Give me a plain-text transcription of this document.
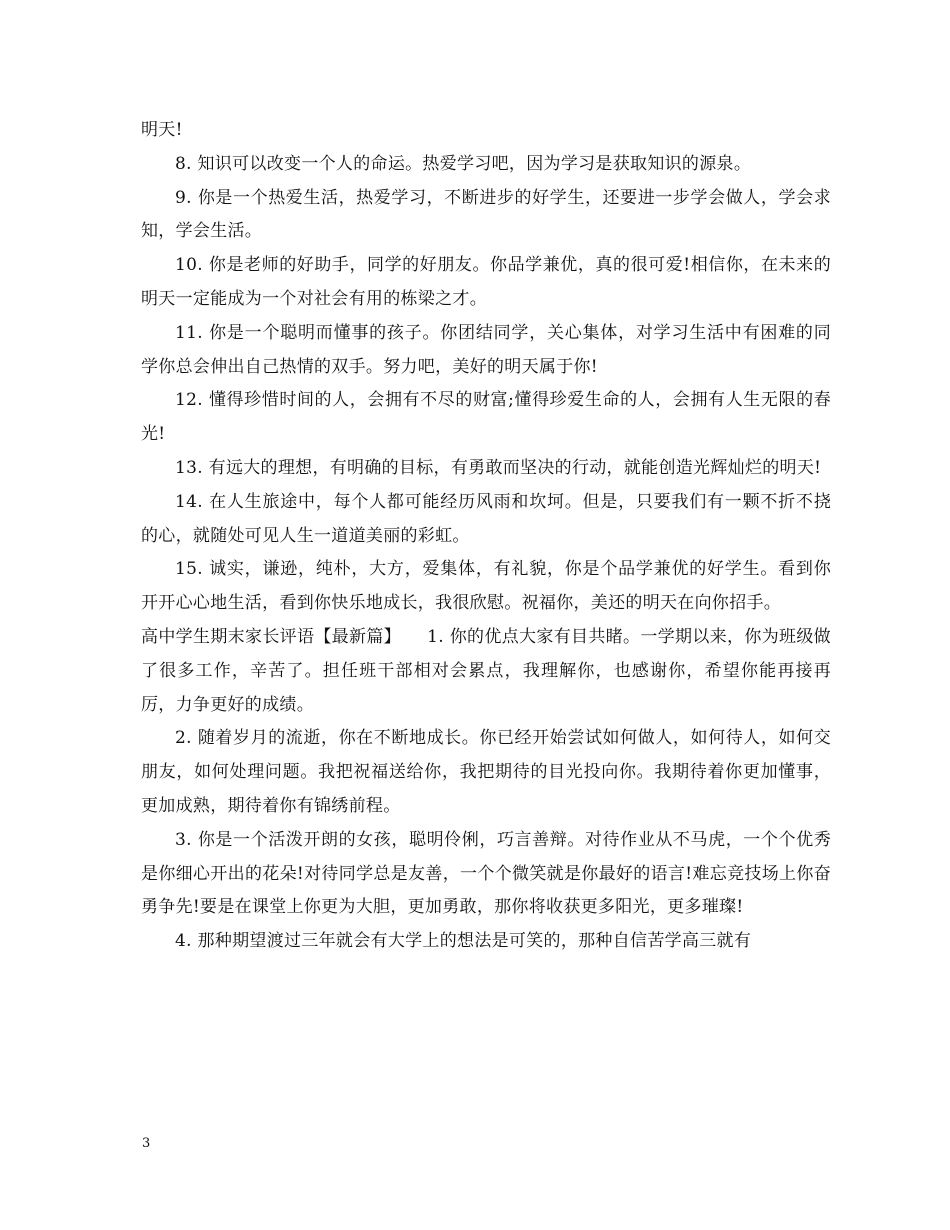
明天!

8. 知识可以改变一个人的命运。热爱学习吧，因为学习是获取知识的源泉。

9. 你是一个热爱生活，热爱学习，不断进步的好学生，还要进一步学会做人，学会求知，学会生活。

10. 你是老师的好助手，同学的好朋友。你品学兼优，真的很可爱!相信你，在未来的明天一定能成为一个对社会有用的栋梁之才。

11. 你是一个聪明而懂事的孩子。你团结同学，关心集体，对学习生活中有困难的同学你总会伸出自己热情的双手。努力吧，美好的明天属于你!

12. 懂得珍惜时间的人，会拥有不尽的财富;懂得珍爱生命的人，会拥有人生无限的春光!

13. 有远大的理想，有明确的目标，有勇敢而坚决的行动，就能创造光辉灿烂的明天!

14. 在人生旅途中，每个人都可能经历风雨和坎坷。但是，只要我们有一颗不折不挠的心，就随处可见人生一道道美丽的彩虹。

15. 诚实，谦逊，纯朴，大方，爱集体，有礼貌，你是个品学兼优的好学生。看到你开开心心地生活，看到你快乐地成长，我很欣慰。祝福你，美还的明天在向你招手。

高中学生期末家长评语【最新篇】　　1. 你的优点大家有目共睹。一学期以来，你为班级做了很多工作，辛苦了。担任班干部相对会累点，我理解你，也感谢你，希望你能再接再厉，力争更好的成绩。

2. 随着岁月的流逝，你在不断地成长。你已经开始尝试如何做人，如何待人，如何交朋友，如何处理问题。我把祝福送给你，我把期待的目光投向你。我期待着你更加懂事，更加成熟，期待着你有锦绣前程。

3. 你是一个活泼开朗的女孩，聪明伶俐，巧言善辩。对待作业从不马虎，一个个优秀是你细心开出的花朵!对待同学总是友善，一个个微笑就是你最好的语言!难忘竞技场上你奋勇争先!要是在课堂上你更为大胆，更加勇敢，那你将收获更多阳光，更多璀璨!

4. 那种期望渡过三年就会有大学上的想法是可笑的，那种自信苦学高三就有

3
